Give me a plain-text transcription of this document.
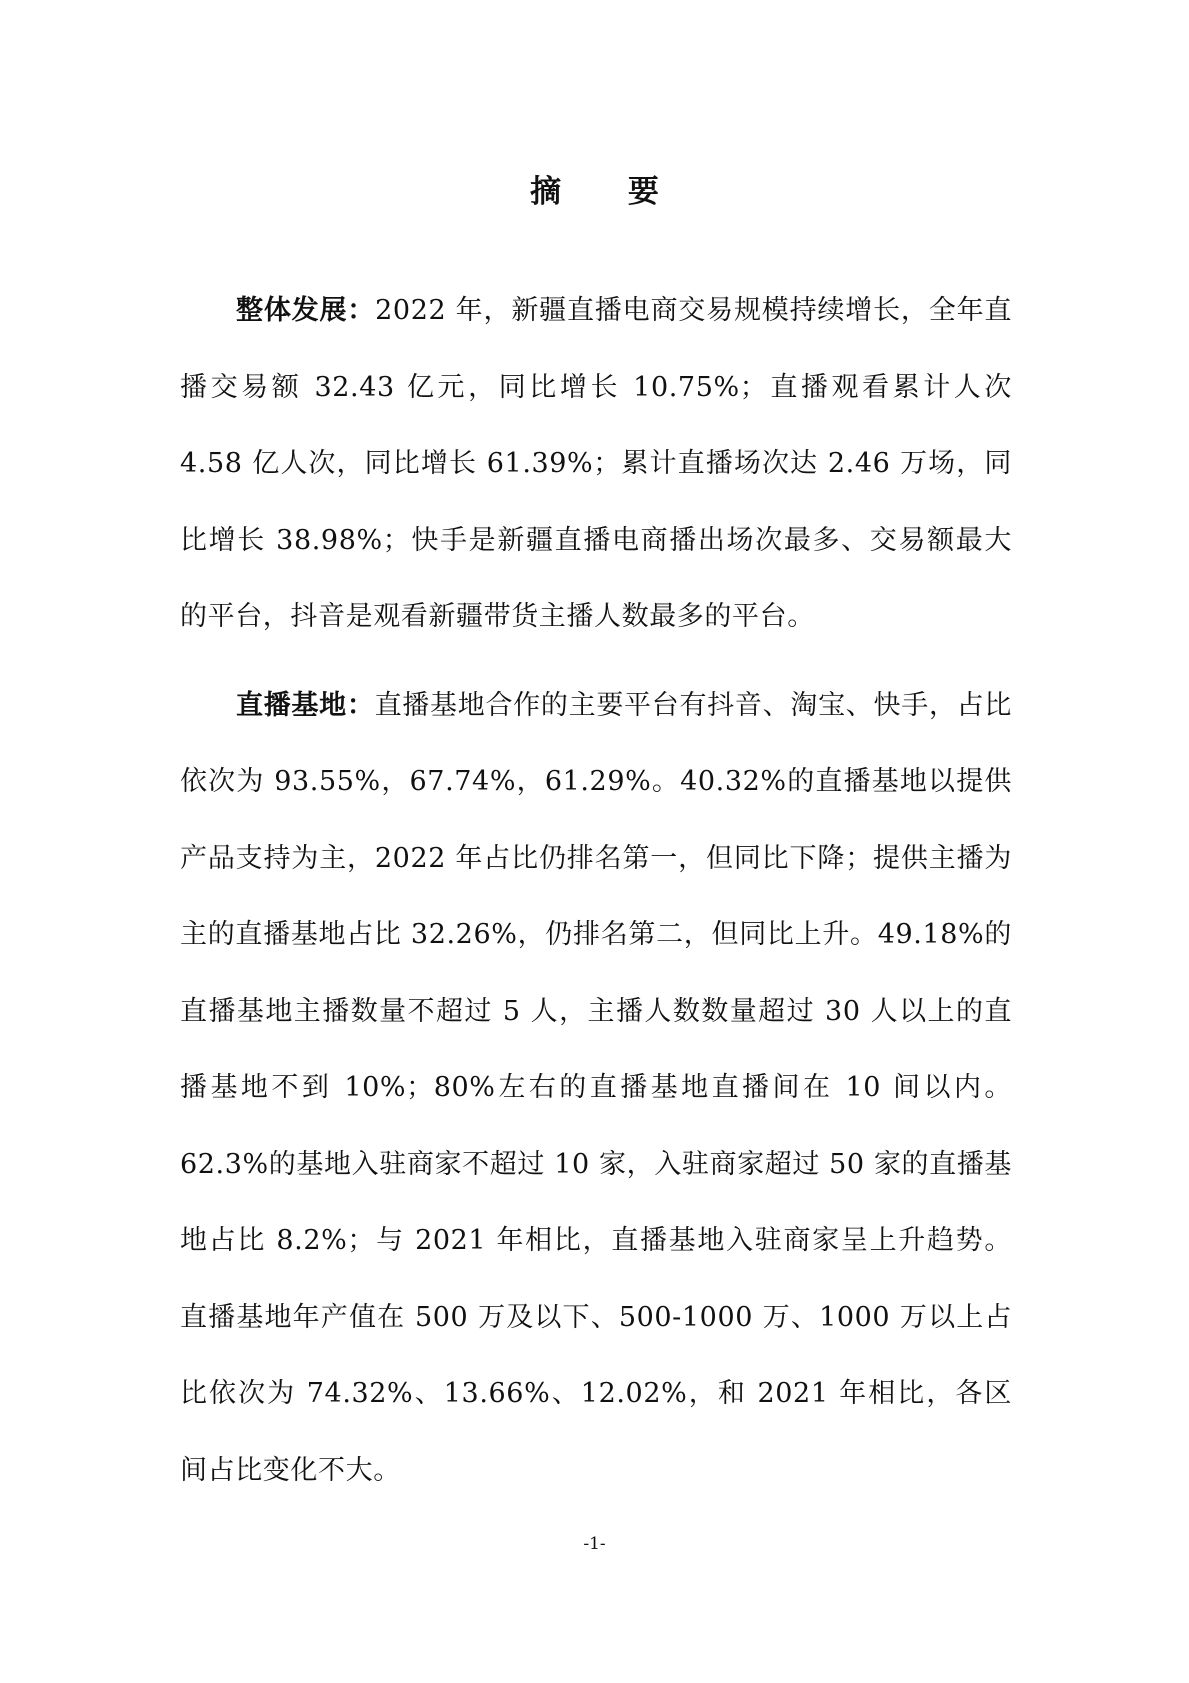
摘 要

整体发展：2022 年，新疆直播电商交易规模持续增长，全年直播交易额 32.43 亿元，同比增长 10.75%；直播观看累计人次 4.58 亿人次，同比增长 61.39%；累计直播场次达 2.46 万场，同比增长 38.98%；快手是新疆直播电商播出场次最多、交易额最大的平台，抖音是观看新疆带货主播人数最多的平台。

直播基地：直播基地合作的主要平台有抖音、淘宝、快手，占比依次为 93.55%，67.74%，61.29%。40.32%的直播基地以提供产品支持为主，2022 年占比仍排名第一，但同比下降；提供主播为主的直播基地占比 32.26%，仍排名第二，但同比上升。49.18%的直播基地主播数量不超过 5 人，主播人数数量超过 30 人以上的直播基地不到 10%；80%左右的直播基地直播间在 10 间以内。62.3%的基地入驻商家不超过 10 家，入驻商家超过 50 家的直播基地占比 8.2%；与 2021 年相比，直播基地入驻商家呈上升趋势。直播基地年产值在 500 万及以下、500-1000 万、1000 万以上占比依次为 74.32%、13.66%、12.02%，和 2021 年相比，各区间占比变化不大。

-1-
